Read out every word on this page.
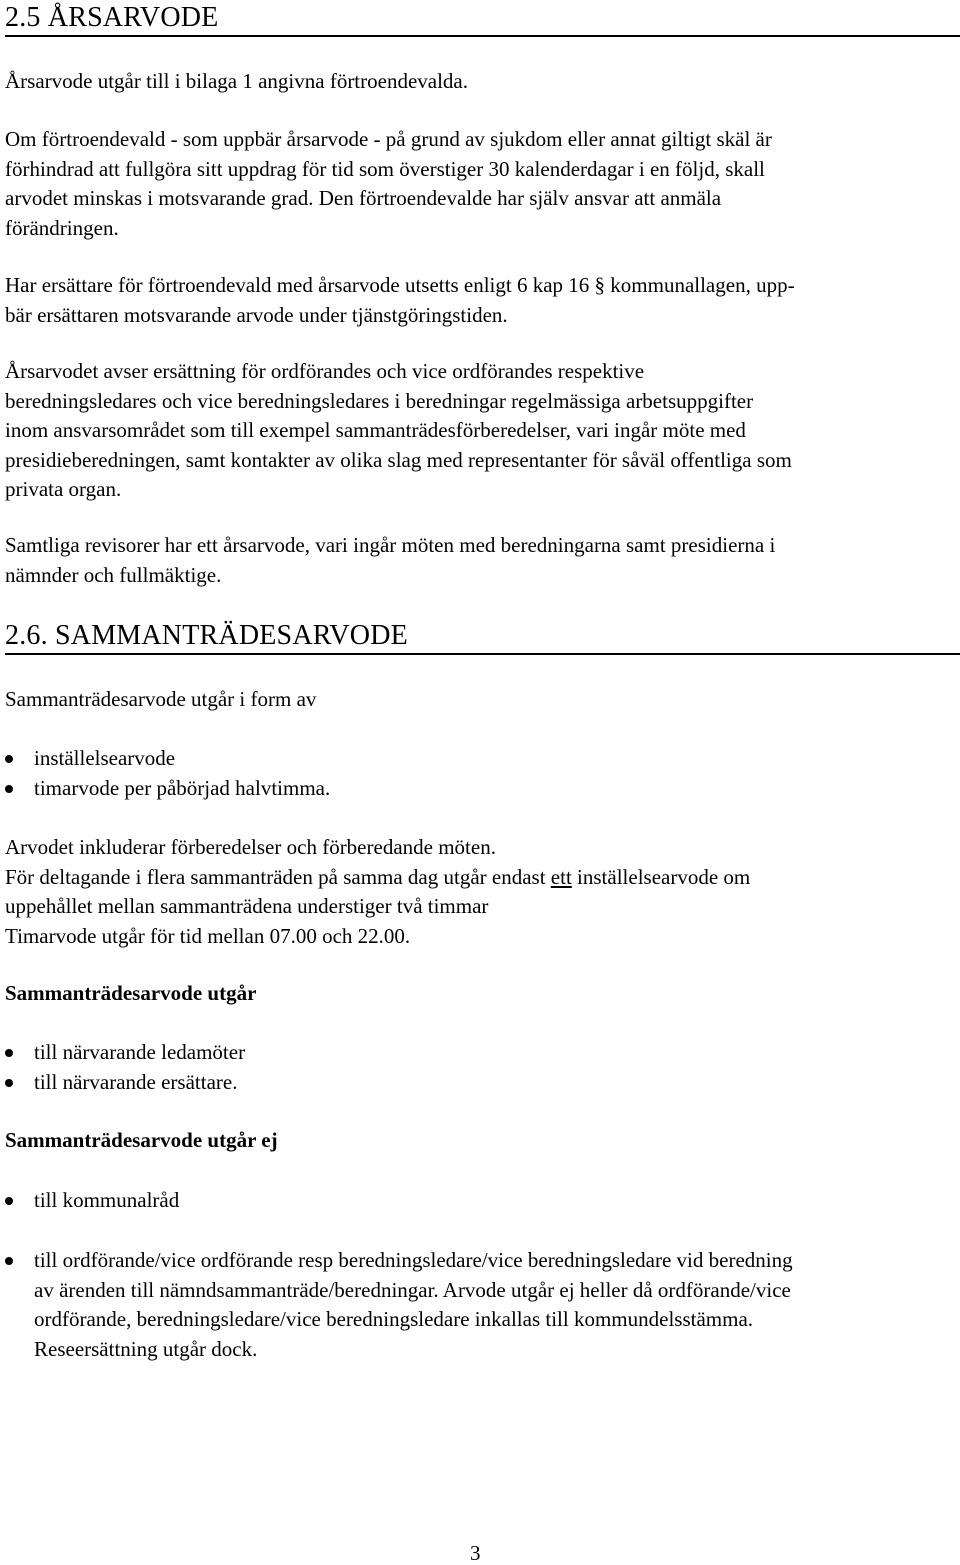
2.5 ÅRSARVODE

Årsarvode utgår till i bilaga 1 angivna förtroendevalda.

Om förtroendevald - som uppbär årsarvode - på grund av sjukdom eller annat giltigt skäl är
förhindrad att fullgöra sitt uppdrag för tid som överstiger 30 kalenderdagar i en följd, skall
arvodet minskas i motsvarande grad. Den förtroendevalde har själv ansvar att anmäla
förändringen.

Har ersättare för förtroendevald med årsarvode utsetts enligt 6 kap 16 § kommunallagen, upp-
bär ersättaren motsvarande arvode under tjänstgöringstiden.

Årsarvodet avser ersättning för ordförandes och vice ordförandes respektive
beredningsledares och vice beredningsledares i beredningar regelmässiga arbetsuppgifter
inom ansvarsområdet som till exempel sammanträdesförberedelser, vari ingår möte med
presidieberedningen, samt kontakter av olika slag med representanter för såväl offentliga som
privata organ.

Samtliga revisorer har ett årsarvode, vari ingår möten med beredningarna samt presidierna i
nämnder och fullmäktige.

2.6. SAMMANTRÄDESARVODE

Sammanträdesarvode utgår i form av

inställelsearvode
timarvode per påbörjad halvtimma.

Arvodet inkluderar förberedelser och förberedande möten.
För deltagande i flera sammanträden på samma dag utgår endast ett inställelsearvode om
uppehållet mellan sammanträdena understiger två timmar
Timarvode utgår för tid mellan 07.00 och 22.00.

Sammanträdesarvode utgår

till närvarande ledamöter
till närvarande ersättare.

Sammanträdesarvode utgår ej

till kommunalråd
till ordförande/vice ordförande resp beredningsledare/vice beredningsledare vid beredning
av ärenden till nämndsammanträde/beredningar. Arvode utgår ej heller då ordförande/vice
ordförande, beredningsledare/vice beredningsledare inkallas till kommundelsstämma.
Reseersättning utgår dock.
3
